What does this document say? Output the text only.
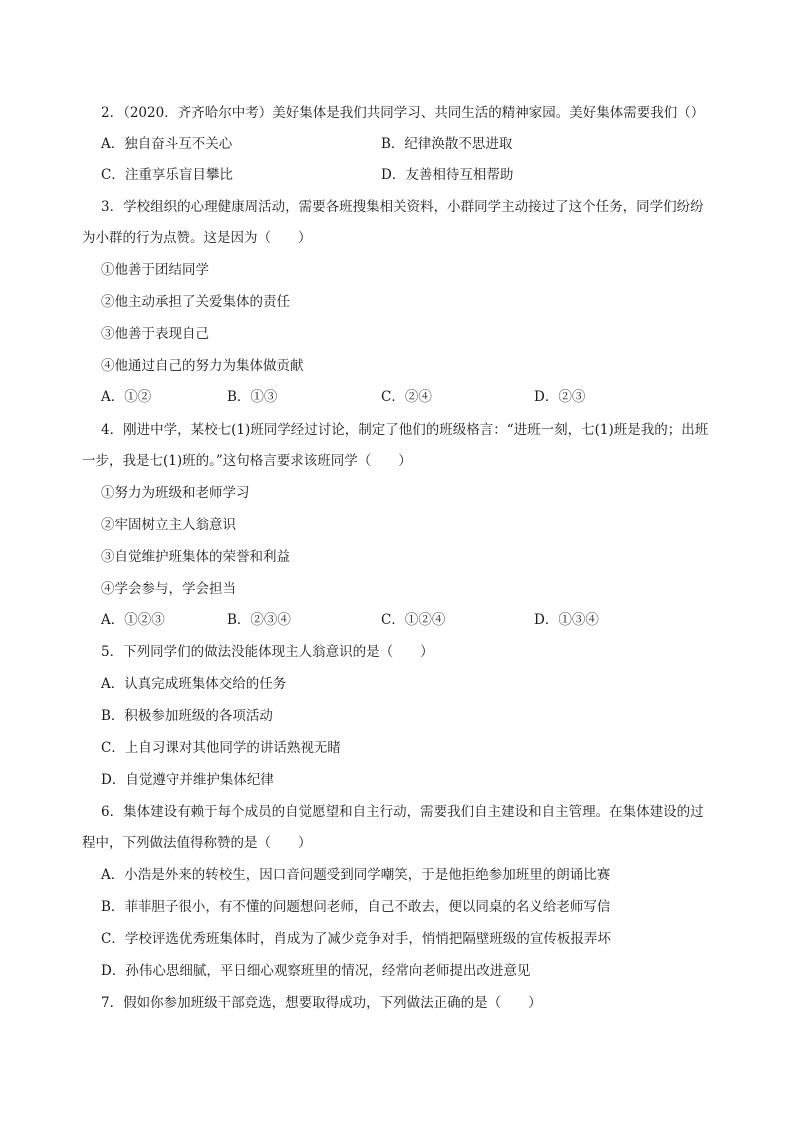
2．（2020．齐齐哈尔中考）美好集体是我们共同学习、共同生活的精神家园。美好集体需要我们（）
A．独自奋斗互不关心	B．纪律涣散不思进取
C．注重享乐盲目攀比	D．友善相待互相帮助
3．学校组织的心理健康周活动，需要各班搜集相关资料，小群同学主动接过了这个任务，同学们纷纷
为小群的行为点赞。这是因为（　　）
①他善于团结同学
②他主动承担了关爱集体的责任
③他善于表现自己
④他通过自己的努力为集体做贡献
A．①②	B．①③	C．②④	D．②③
4．刚进中学，某校七(1)班同学经过讨论，制定了他们的班级格言：“进班一刻，七(1)班是我的；出班
一步，我是七(1)班的。”这句格言要求该班同学（　　）
①努力为班级和老师学习
②牢固树立主人翁意识
③自觉维护班集体的荣誉和利益
④学会参与，学会担当
A．①②③	B．②③④	C．①②④	D．①③④
5．下列同学们的做法没能体现主人翁意识的是（　　）
A．认真完成班集体交给的任务
B．积极参加班级的各项活动
C．上自习课对其他同学的讲话熟视无睹
D．自觉遵守并维护集体纪律
6．集体建设有赖于每个成员的自觉愿望和自主行动，需要我们自主建设和自主管理。在集体建设的过
程中，下列做法值得称赞的是（　　）
A．小浩是外来的转校生，因口音问题受到同学嘲笑，于是他拒绝参加班里的朗诵比赛
B．菲菲胆子很小，有不懂的问题想问老师，自己不敢去，便以同桌的名义给老师写信
C．学校评选优秀班集体时，肖成为了减少竞争对手，悄悄把隔壁班级的宣传板报弄坏
D．孙伟心思细腻，平日细心观察班里的情况，经常向老师提出改进意见
7．假如你参加班级干部竞选，想要取得成功，下列做法正确的是（　　）
